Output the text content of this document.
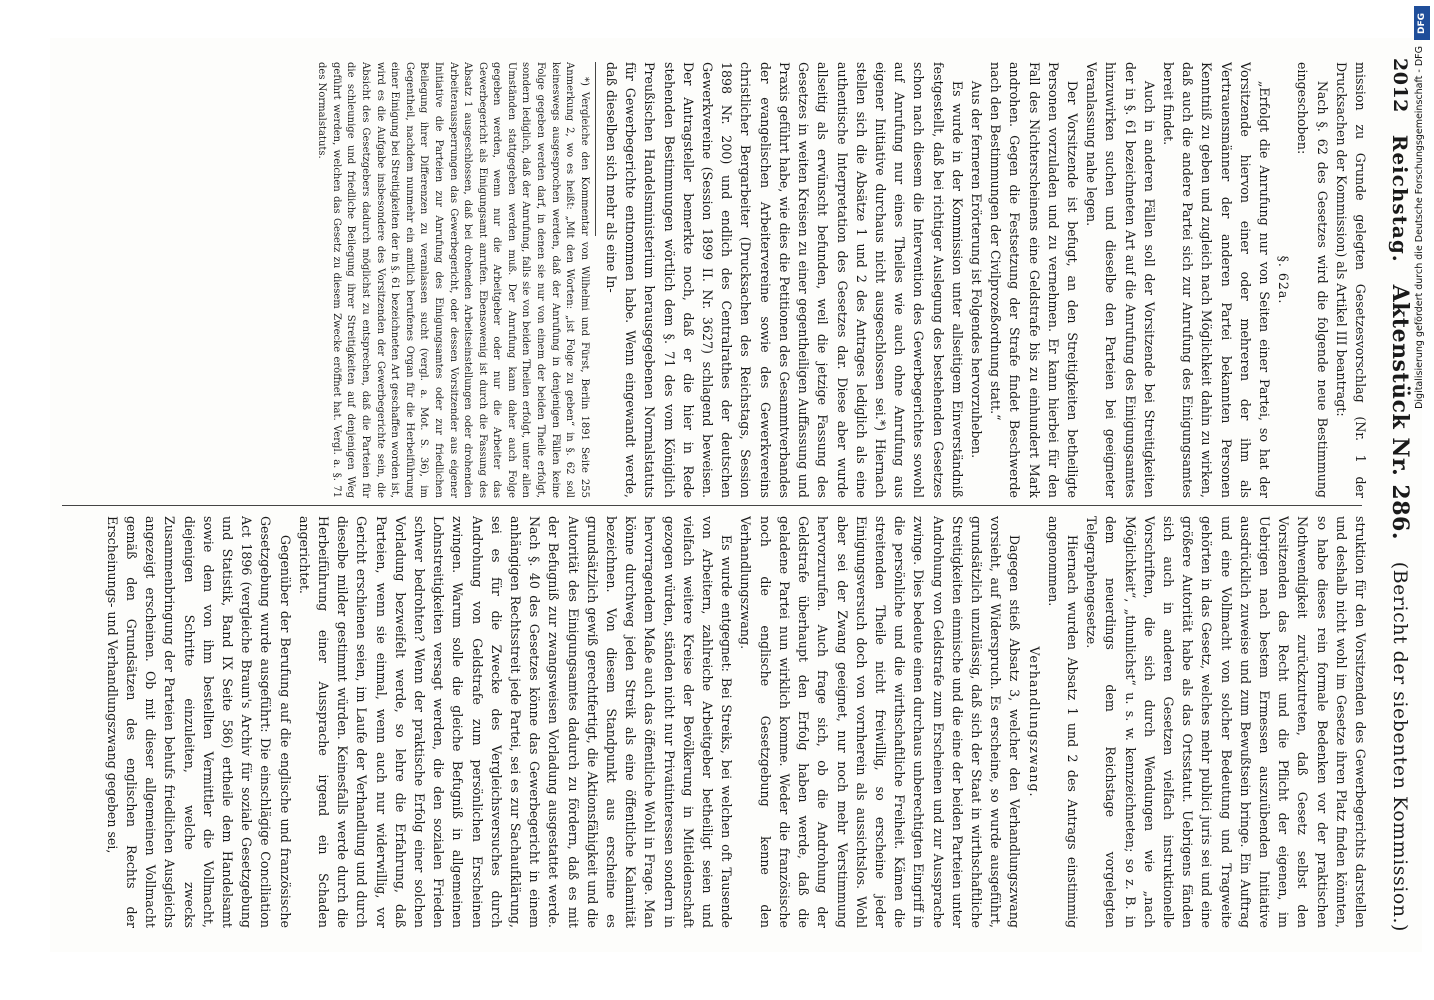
2012
Reichstag.
Aktenstück Nr. 286.
(Bericht der siebenten Kommission.)

mission zu Grunde gelegten Gesetzesvorschlag (Nr. 1 der Drucksachen der Kommission) als Artikel III beantragt:

Nach §. 62 des Gesetzes wird die folgende neue Bestimmung eingeschoben:

§. 62a.

„Erfolgt die Anrufung nur von Seiten einer Partei, so hat der Vorsitzende hiervon einer oder mehreren der ihm als Vertrauensmänner der anderen Partei bekannten Personen Kenntniß zu geben und zugleich nach Möglichkeit dahin zu wirken, daß auch die andere Partei sich zur Anrufung des Einigungsamtes bereit findet.

Auch in anderen Fällen soll der Vorsitzende bei Streitigkeiten der in §. 61 bezeichneten Art auf die Anrufung des Einigungsamtes hinzuwirken suchen und dieselbe den Parteien bei geeigneter Veranlassung nahe legen.

Der Vorsitzende ist befugt, an den Streitigkeiten betheiligte Personen vorzuladen und zu vernehmen. Er kann hierbei für den Fall des Nichterscheinens eine Geldstrafe bis zu einhundert Mark androhen. Gegen die Festsetzung der Strafe findet Beschwerde nach den Bestimmungen der Civilprozeßordnung statt.“

Aus der ferneren Erörterung ist Folgendes hervorzuheben.

Es wurde in der Kommission unter allseitigem Einverständniß festgestellt, daß bei richtiger Auslegung des bestehenden Gesetzes schon nach diesem die Intervention des Gewerbegerichtes sowohl auf Anrufung nur eines Theiles wie auch ohne Anrufung aus eigener Initiative durchaus nicht ausgeschlossen sei.*) Hiernach stellen sich die Absätze 1 und 2 des Antrages lediglich als eine authentische Interpretation des Gesetzes dar. Diese aber wurde allseitig als erwünscht befunden, weil die jetzige Fassung des Gesetzes in weiten Kreisen zu einer gegentheiligen Auffassung und Praxis geführt habe, wie dies die Petitionen des Gesammtverbandes der evangelischen Arbeitervereine sowie des Gewerkvereins christlicher Bergarbeiter (Drucksachen des Reichstags, Session 1898 Nr. 200) und endlich des Centralrathes der deutschen Gewerkvereine (Session 1899 II. Nr. 3627) schlagend beweisen. Der Antragsteller bemerkte noch, daß er die hier in Rede stehenden Bestimmungen wörtlich dem §. 71 des vom Königlich Preußischen Handelsministerium herausgegebenen Normalstatuts für Gewerbegerichte entnommen habe. Wenn eingewandt werde, daß dieselben sich mehr als eine In-

*) Vergleiche den Kommentar von Wilhelmi und Fürst, Berlin 1891 Seite 255 Anmerkung 2, wo es heißt: „Mit den Worten: „ist Folge zu geben“ in §. 62 soll keineswegs ausgesprochen werden, daß der Anrufung in denjenigen Fällen keine Folge gegeben werden darf, in denen sie nur von einem der beiden Theile erfolgt, sondern lediglich, daß der Anrufung, falls sie von beiden Theilen erfolgt, unter allen Umständen stattgegeben werden muß. Der Anrufung kann daher auch Folge gegeben werden, wenn nur die Arbeitgeber oder nur die Arbeiter das Gewerbegericht als Einigungsamt anrufen. Ebensowenig ist durch die Fassung des Absatz 1 ausgeschlossen, daß bei drohenden Arbeitseinstellungen oder drohenden Arbeiteraussperrungen das Gewerbegericht, oder dessen Vorsitzender aus eigener Initiative die Parteien zur Anrufung des Einigungsamtes oder zur friedlichen Beilegung ihrer Differenzen zu veranlassen sucht (vergl. a. Mot. S. 36), im Gegentheil, nachdem nunmehr ein amtlich berufenes Organ für die Herbeiführung einer Einigung bei Streitigkeiten der in §. 61 bezeichneten Art geschaffen worden ist, wird es die Aufgabe insbesondere des Vorsitzenden der Gewerbegerichte sein, die Absicht des Gesetzgebers dadurch möglichst zu entsprechen, daß die Parteien für die schleunige und friedliche Beilegung ihrer Streitigkeiten auf denjenigen Weg geführt werden, welchen das Gesetz zu diesem Zwecke eröffnet hat. Vergl. a. §. 71 des Normalstatuts.

struktion für den Vorsitzenden des Gewerbegerichts darstellen und deshalb nicht wohl im Gesetze ihren Platz finden könnten, so habe dieses rein formale Bedenken vor der praktischen Nothwendigkeit zurückzutreten, daß Gesetz selbst den Vorsitzenden das Recht und die Pflicht der eigenen, im Uebrigen nach bestem Ermessen auszuübenden Initiative ausdrücklich zuweise und zum Bewußtsein bringe. Ein Auftrag und eine Vollmacht von solcher Bedeutung und Tragweite gehörten in das Gesetz, welches mehr publici juris sei und eine größere Autorität habe als das Ortsstatut. Uebrigens fänden sich auch in anderen Gesetzen vielfach instruktionelle Vorschriften, die sich durch Wendungen wie „nach Möglichkeit“, „thunlichst“ u. s. w. kennzeichneten; so z. B. in dem neuerdings dem Reichstage vorgelegten Telegraphengesetze.

Hiernach wurden Absatz 1 und 2 des Antrags einstimmig angenommen.

Verhandlungszwang.

Dagegen stieß Absatz 3, welcher den Verhandlungszwang vorsieht, auf Widerspruch. Es erscheine, so wurde ausgeführt, grundsätzlich unzulässig, daß sich der Staat in wirthschaftliche Streitigkeiten einmische und die eine der beiden Parteien unter Androhung von Geldstrafe zum Erscheinen und zur Aussprache zwinge. Dies bedeute einen durchaus unberechtigten Eingriff in die persönliche und die wirthschaftliche Freiheit. Kämen die streitenden Theile nicht freiwillig, so erscheine jeder Einigungsversuch doch von vornherein als aussichtslos. Wohl aber sei der Zwang geeignet, nur noch mehr Verstimmung hervorzurufen. Auch frage sich, ob die Androhung der Geldstrafe überhaupt den Erfolg haben werde, daß die geladene Partei nun wirklich komme. Weder die französische noch die englische Gesetzgebung kenne den Verhandlungszwang.

Es wurde entgegnet: Bei Streiks, bei welchen oft Tausende von Arbeitern, zahlreiche Arbeitgeber betheiligt seien und vielfach weitere Kreise der Bevölkerung in Mitleidenschaft gezogen würden, ständen nicht nur Privatinteressen sondern in hervorragendem Maße auch das öffentliche Wohl in Frage. Man könne durchweg jeden Streik als eine öffentliche Kalamität bezeichnen. Von diesem Standpunkt aus erscheine es grundsätzlich gewiß gerechtfertigt, die Aktionsfähigkeit und die Autorität des Einigungsamtes dadurch zu fördern, daß es mit der Befugniß zur zwangsweisen Vorladung ausgestattet werde. Nach §. 40 des Gesetzes könne das Gewerbegericht in einem anhängigen Rechtsstreit jede Partei, sei es zur Sachaufklärung, sei es für die Zwecke des Vergleichsversuches durch Androhung von Geldstrafe zum persönlichen Erscheinen zwingen. Warum solle die gleiche Befugniß in allgemeinen Lohnstreitigkeiten versagt werden, die den sozialen Frieden schwer bedrohten? Wenn der praktische Erfolg einer solchen Vorladung bezweifelt werde, so lehre die Erfahrung, daß Parteien, wenn sie einmal, wenn auch nur widerwillig, vor Gericht erschienen seien, im Laufe der Verhandlung und durch dieselbe milder gestimmt würden. Keinesfalls werde durch die Herbeiführung einer Aussprache irgend ein Schaden angerichtet.

Gegenüber der Berufung auf die englische und französische Gesetzgebung wurde ausgeführt: Die einschlägige Conciliation Act 1896 (vergleiche Braun's Archiv für soziale Gesetzgebung und Statistik, Band IX Seite 586) ertheile dem Handelsamt sowie dem von ihm bestellten Vermittler die Vollmacht, diejenigen Schritte einzuleiten, welche zwecks Zusammenbringung der Parteien behufs friedlichen Ausgleichs angezeigt erscheinen. Ob mit dieser allgemeinen Vollmacht gemäß den Grundsätzen des englischen Rechts der Erscheinungs- und Verhandlungszwang gegeben sei,

DFG
Digitalisierung gefördert durch die Deutsche Forschungsgemeinschaft - DFG
